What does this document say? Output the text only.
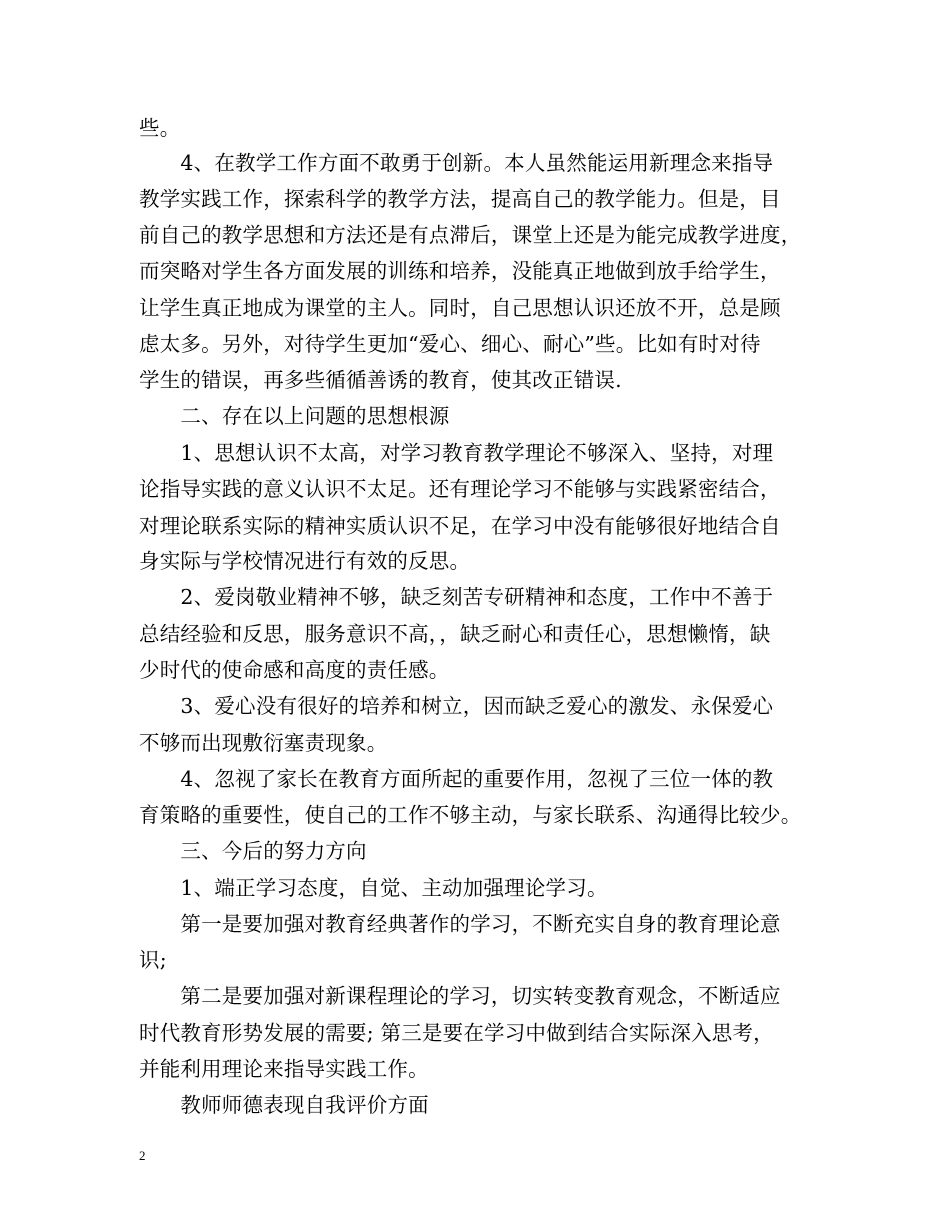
些。
　　4、在教学工作方面不敢勇于创新。本人虽然能运用新理念来指导
教学实践工作，探索科学的教学方法，提高自己的教学能力。但是，目
前自己的教学思想和方法还是有点滞后，课堂上还是为能完成教学进度，
而突略对学生各方面发展的训练和培养，没能真正地做到放手给学生，
让学生真正地成为课堂的主人。同时，自己思想认识还放不开，总是顾
虑太多。另外，对待学生更加“爱心、细心、耐心”些。比如有时对待
学生的错误，再多些循循善诱的教育，使其改正错误.
　　二、存在以上问题的思想根源
　　1、思想认识不太高，对学习教育教学理论不够深入、坚持，对理
论指导实践的意义认识不太足。还有理论学习不能够与实践紧密结合，
对理论联系实际的精神实质认识不足，在学习中没有能够很好地结合自
身实际与学校情况进行有效的反思。
　　2、爱岗敬业精神不够，缺乏刻苦专研精神和态度，工作中不善于
总结经验和反思，服务意识不高，，缺乏耐心和责任心，思想懒惰，缺
少时代的使命感和高度的责任感。
　　3、爱心没有很好的培养和树立，因而缺乏爱心的激发、永保爱心
不够而出现敷衍塞责现象。
　　4、忽视了家长在教育方面所起的重要作用，忽视了三位一体的教
育策略的重要性，使自己的工作不够主动，与家长联系、沟通得比较少。
　　三、今后的努力方向
　　1、端正学习态度，自觉、主动加强理论学习。
　　第一是要加强对教育经典著作的学习，不断充实自身的教育理论意
识;
　　第二是要加强对新课程理论的学习，切实转变教育观念，不断适应
时代教育形势发展的需要; 第三是要在学习中做到结合实际深入思考，
并能利用理论来指导实践工作。
　　教师师德表现自我评价方面
2
